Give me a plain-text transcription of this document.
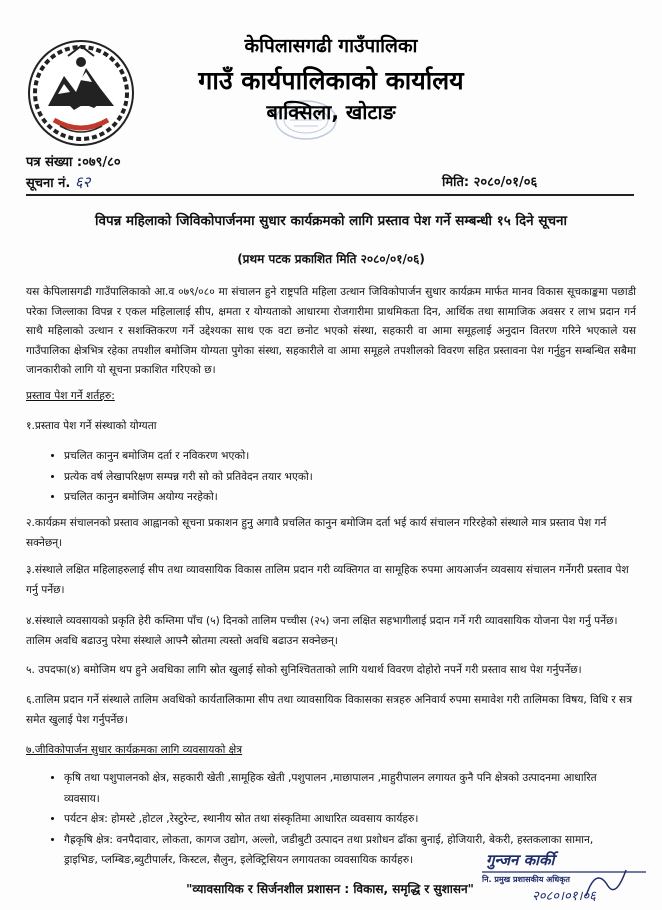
केपिलासगढी गाउँपालिका
गाउँ कार्यपालिकाको कार्यालय
बाक्सिला, खोटाङ
पत्र संख्या :०७९/८०
सूचना नं. ६२	मिति: २०८०/०१/०६
विपन्न महिलाको जिविकोपार्जनमा सुधार कार्यक्रमको लागि प्रस्ताव पेश गर्ने सम्बन्धी १५ दिने सूचना
(प्रथम पटक प्रकाशित मिति २०८०/०१/०६)
यस केपिलासगढी गाउँपालिकाको आ.व ०७९/०८० मा संचालन हुने राष्ट्रपति महिला उत्थान जिविकोपार्जन सुधार कार्यक्रम मार्फत मानव विकास सूचकाङ्कमा पछाडी परेका जिल्लाका विपन्न र एकल महिलालाई सीप, क्षमता र योग्यताको आधारमा रोजगारीमा प्राथमिकता दिन, आर्थिक तथा सामाजिक अवसर र लाभ प्रदान गर्न साथै महिलाको उत्थान र सशक्तिकरण गर्ने उद्देश्यका साथ एक वटा छनोट भएको संस्था, सहकारी वा आमा समूहलाई अनुदान वितरण गरिने भएकाले यस गाउँपालिका क्षेत्रभित्र रहेका तपशील बमोजिम योग्यता पुगेका संस्था, सहकारीले वा आमा समूहले तपशीलको विवरण सहित प्रस्तावना पेश गर्नुहुन सम्बन्धित सबैमा जानकारीको लागि यो सूचना प्रकाशित गरिएको छ।
प्रस्ताव पेश गर्ने शर्तहरु:
१.प्रस्ताव पेश गर्ने संस्थाको योग्यता
• प्रचलित कानुन बमोजिम दर्ता र नविकरण भएको।
• प्रत्येक वर्ष लेखापरिक्षण सम्पन्न गरी सो को प्रतिवेदन तयार भएको।
• प्रचलित कानुन बमोजिम अयोग्य नरहेको।
२.कार्यक्रम संचालनको प्रस्ताव आह्वानको सूचना प्रकाशन हुनु अगावै प्रचलित कानुन बमोजिम दर्ता भई कार्य संचालन गरिरहेको संस्थाले मात्र प्रस्ताव पेश गर्न सक्नेछन्।
३.संस्थाले लक्षित महिलाहरुलाई सीप तथा व्यावसायिक विकास तालिम प्रदान गरी व्यक्तिगत वा सामूहिक रुपमा आयआर्जन व्यवसाय संचालन गर्नेगरी प्रस्ताव पेश गर्नु पर्नेछ।
४.संस्थाले व्यवसायको प्रकृति हेरी कम्तिमा पाँच (५) दिनको तालिम पच्चीस (२५) जना लक्षित सहभागीलाई प्रदान गर्ने गरी व्यावसायिक योजना पेश गर्नु पर्नेछ।तालिम अवधि बढाउनु परेमा संस्थाले आफ्नै स्रोतमा त्यस्तो अवधि बढाउन सक्नेछन्।
५. उपदफा(४) बमोजिम थप हुने अवधिका लागि स्रोत खुलाई सोको सुनिश्चितताको लागि यथार्थ विवरण दोहोरो नपर्ने गरी प्रस्ताव साथ पेश गर्नुपर्नेछ।
६.तालिम प्रदान गर्ने संस्थाले तालिम अवधिको कार्यतालिकामा सीप तथा व्यावसायिक विकासका सत्रहरु अनिवार्य रुपमा समावेश गरी तालिमका विषय, विधि र सत्र समेत खुलाई पेश गर्नुपर्नेछ।
७.जीविकोपार्जन सुधार कार्यक्रमका लागि व्यवसायको क्षेत्र
• कृषि तथा पशुपालनको क्षेत्र, सहकारी खेती ,सामूहिक खेती ,पशुपालन ,माछापालन ,माहुरीपालन लगायत कुनै पनि क्षेत्रको उत्पादनमा आधारित व्यवसाय।
• पर्यटन क्षेत्र: होमस्टे ,होटल ,रेस्टुरेन्ट, स्थानीय स्रोत तथा संस्कृतिमा आधारित व्यवसाय कार्यहरु।
• गैह्रकृषि क्षेत्र: वनपैदावार, लोकता, कागज उद्योग, अल्लो, जडीबुटी उत्पादन तथा प्रशोधन ढाँका बुनाई, होजियारी, बेकरी, हस्तकलाका सामान, ड्राइभिङ, प्लम्बिङ,ब्युटीपार्लर, किस्टल, सैलुन, इलेक्ट्रिसियन लगायतका व्यवसायिक कार्यहरु।	गुन्जन कार्की
नि. प्रमुख प्रशासकीय अधिकृत
२०८०।०१।०६
"व्यावसायिक र सिर्जनशील प्रशासन : विकास, समृद्धि र सुशासन"
